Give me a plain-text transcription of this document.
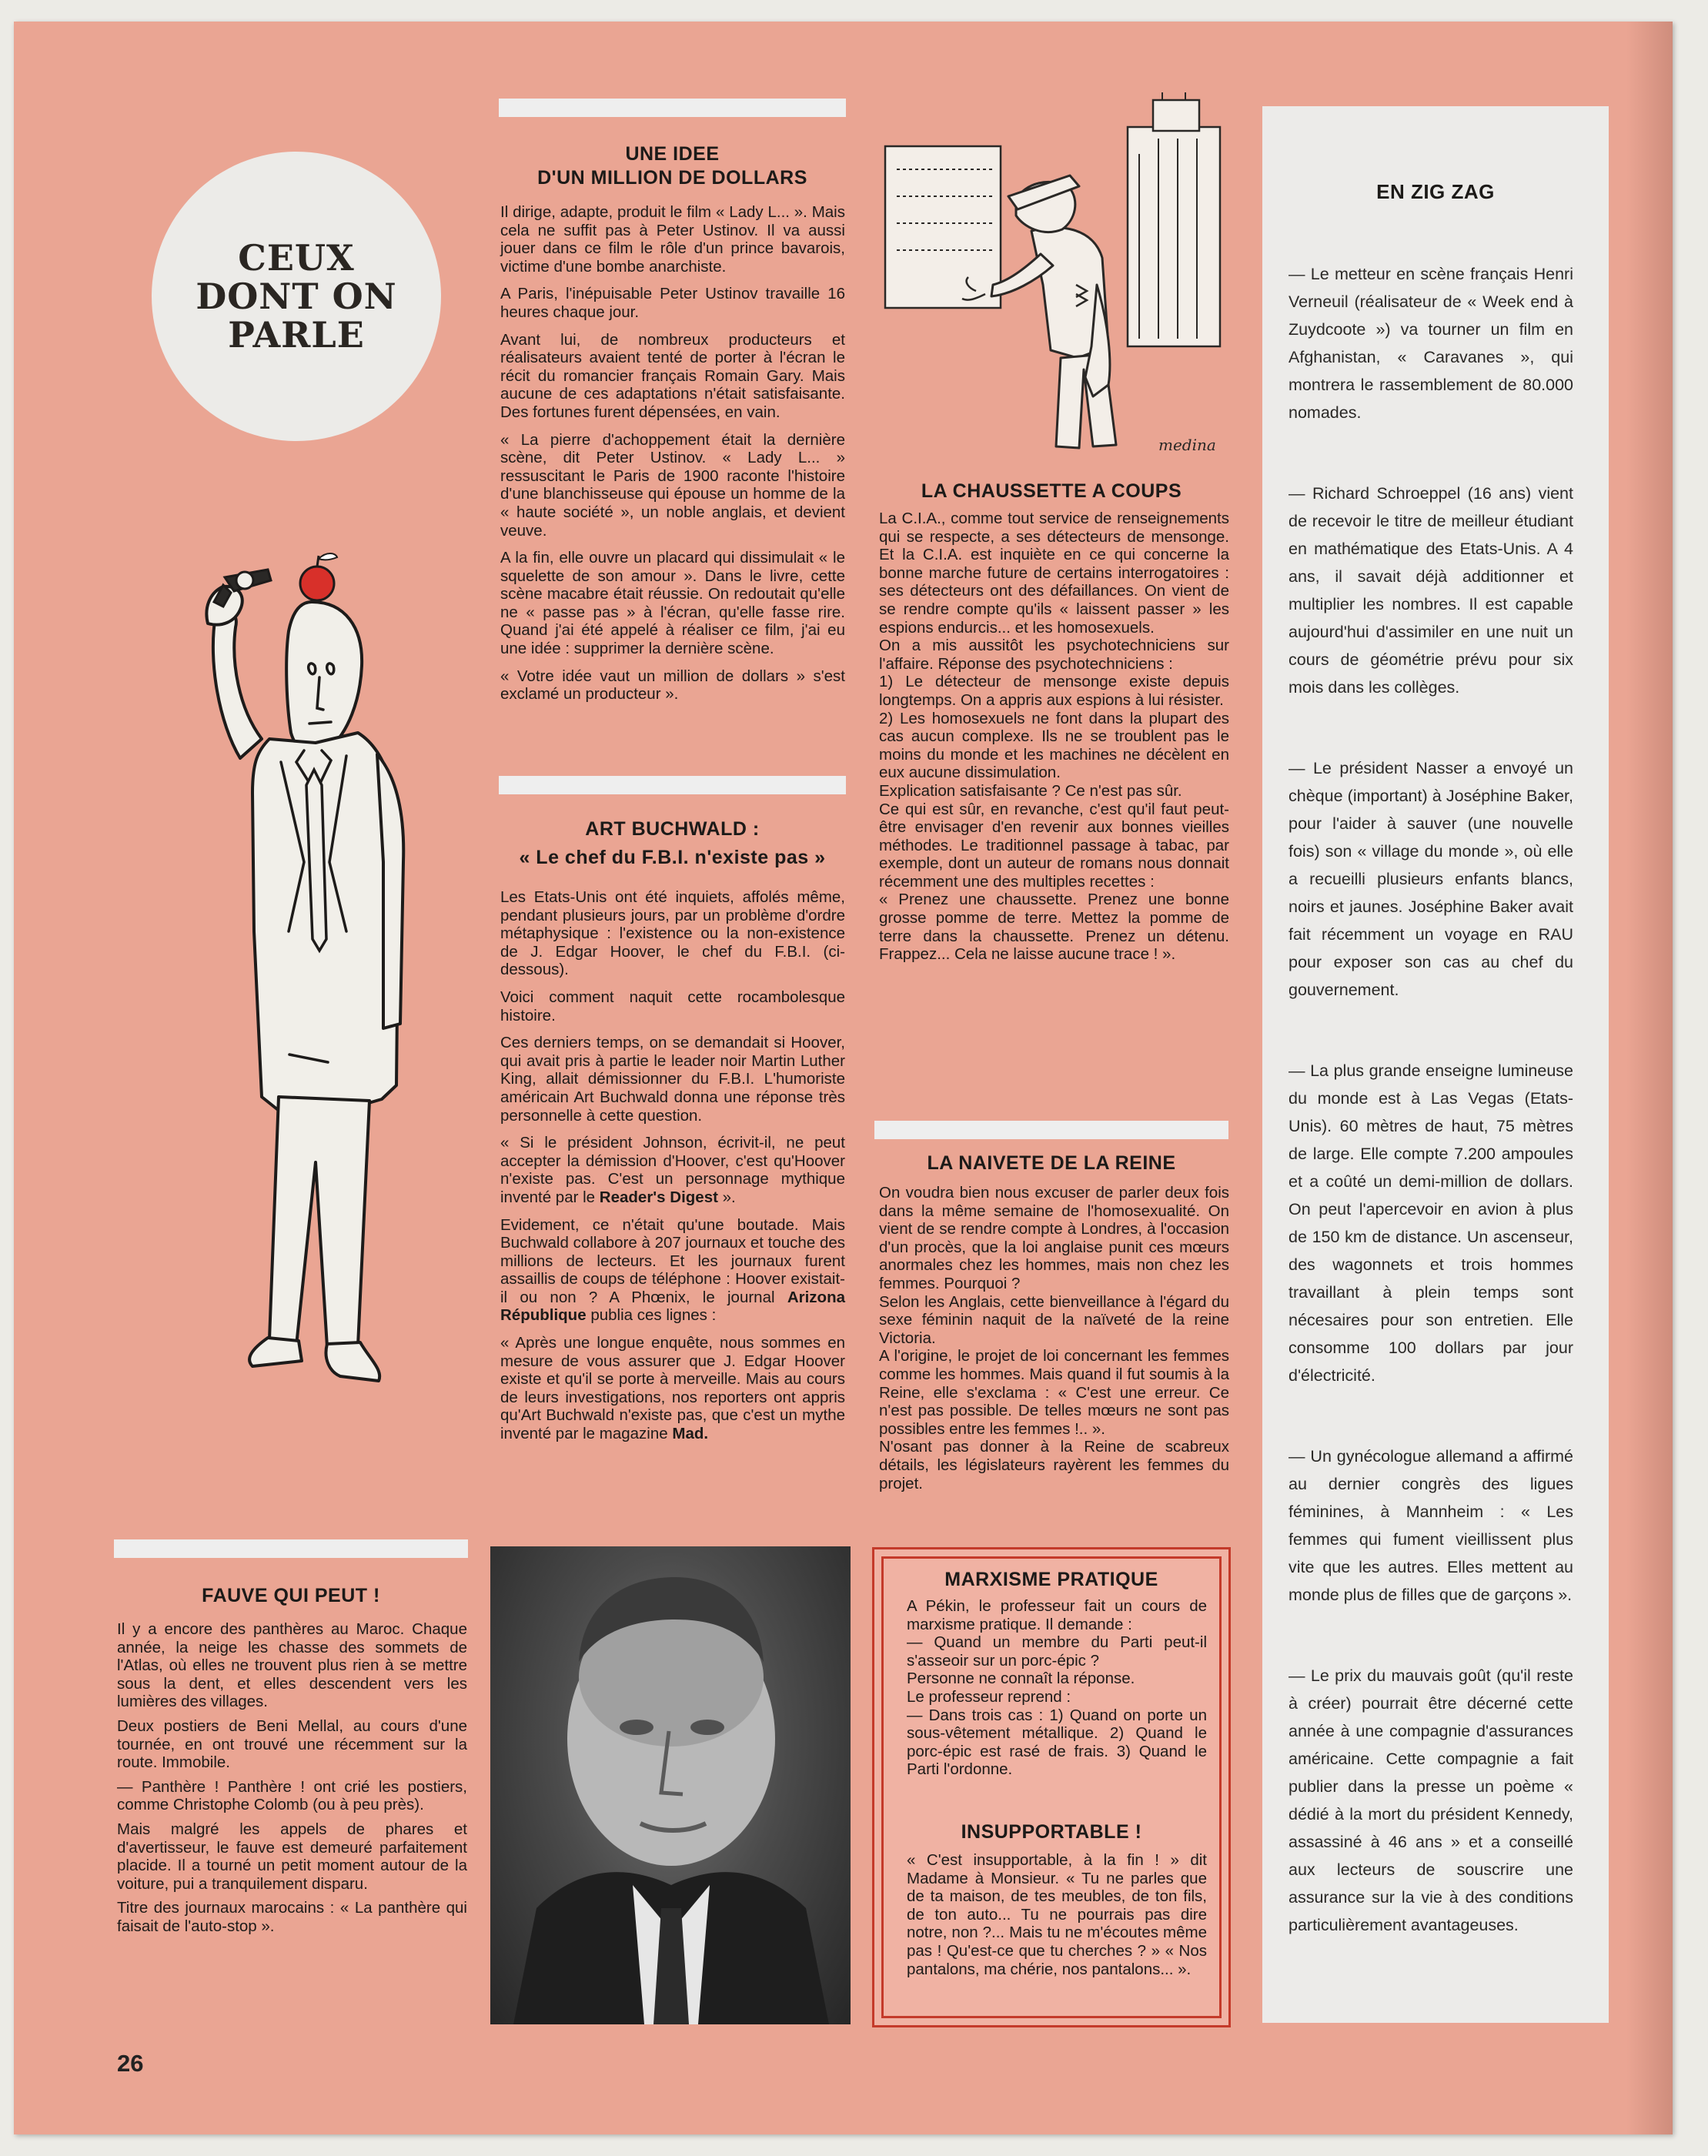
CEUX
DONT ON
PARLE
UNE IDEE
D'UN MILLION DE DOLLARS

Il dirige, adapte, produit le film « Lady L... ». Mais cela ne suffit pas à Peter Ustinov. Il va aussi jouer dans ce film le rôle d'un prince bavarois, victime d'une bombe anarchiste.

A Paris, l'inépuisable Peter Ustinov travaille 16 heures chaque jour.

Avant lui, de nombreux producteurs et réalisateurs avaient tenté de porter à l'écran le récit du romancier français Romain Gary. Mais aucune de ces adaptations n'était satisfaisante. Des fortunes furent dépensées, en vain.

« La pierre d'achoppement était la dernière scène, dit Peter Ustinov. « Lady L... » ressuscitant le Paris de 1900 raconte l'histoire d'une blanchisseuse qui épouse un homme de la « haute société », un noble anglais, et devient veuve.

A la fin, elle ouvre un placard qui dissimulait « le squelette de son amour ». Dans le livre, cette scène macabre était réussie. On redoutait qu'elle ne « passe pas » à l'écran, qu'elle fasse rire. Quand j'ai été appelé à réaliser ce film, j'ai eu une idée : supprimer la dernière scène.

« Votre idée vaut un million de dollars » s'est exclamé un producteur ».

ART BUCHWALD :
« Le chef du F.B.I. n'existe pas »

Les Etats-Unis ont été inquiets, affolés même, pendant plusieurs jours, par un problème d'ordre métaphysique : l'existence ou la non-existence de J. Edgar Hoover, le chef du F.B.I. (ci-dessous).

Voici comment naquit cette rocambolesque histoire.

Ces derniers temps, on se demandait si Hoover, qui avait pris à partie le leader noir Martin Luther King, allait démissionner du F.B.I. L'humoriste américain Art Buchwald donna une réponse très personnelle à cette question.

« Si le président Johnson, écrivit-il, ne peut accepter la démission d'Hoover, c'est qu'Hoover n'existe pas. C'est un personnage mythique inventé par le Reader's Digest ».

Evidement, ce n'était qu'une boutade. Mais Buchwald collabore à 207 journaux et touche des millions de lecteurs. Et les journaux furent assaillis de coups de téléphone : Hoover existait-il ou non ? A Phœnix, le journal Arizona République publia ces lignes :

« Après une longue enquête, nous sommes en mesure de vous assurer que J. Edgar Hoover existe et qu'il se porte à merveille. Mais au cours de leurs investigations, nos reporters ont appris qu'Art Buchwald n'existe pas, que c'est un mythe inventé par le magazine Mad.

medina
LA CHAUSSETTE A COUPS

La C.I.A., comme tout service de renseignements qui se respecte, a ses détecteurs de mensonge. Et la C.I.A. est inquiète en ce qui concerne la bonne marche future de certains interrogatoires : ses détecteurs ont des défaillances. On vient de se rendre compte qu'ils « laissent passer » les espions endurcis... et les homosexuels.

On a mis aussitôt les psychotechniciens sur l'affaire. Réponse des psychotechniciens :

1) Le détecteur de mensonge existe depuis longtemps. On a appris aux espions à lui résister.

2) Les homosexuels ne font dans la plupart des cas aucun complexe. Ils ne se troublent pas le moins du monde et les machines ne décèlent en eux aucune dissimulation.

Explication satisfaisante ? Ce n'est pas sûr.

Ce qui est sûr, en revanche, c'est qu'il faut peut-être envisager d'en revenir aux bonnes vieilles méthodes. Le traditionnel passage à tabac, par exemple, dont un auteur de romans nous donnait récemment une des multiples recettes :

« Prenez une chaussette. Prenez une bonne grosse pomme de terre. Mettez la pomme de terre dans la chaussette. Prenez un détenu. Frappez... Cela ne laisse aucune trace ! ».

LA NAIVETE DE LA REINE

On voudra bien nous excuser de parler deux fois dans la même semaine de l'homosexualité. On vient de se rendre compte à Londres, à l'occasion d'un procès, que la loi anglaise punit ces mœurs anormales chez les hommes, mais non chez les femmes. Pourquoi ?

Selon les Anglais, cette bienveillance à l'égard du sexe féminin naquit de la naïveté de la reine Victoria.

A l'origine, le projet de loi concernant les femmes comme les hommes. Mais quand il fut soumis à la Reine, elle s'exclama : « C'est une erreur. Ce n'est pas possible. De telles mœurs ne sont pas possibles entre les femmes !.. ».

N'osant pas donner à la Reine de scabreux détails, les législateurs rayèrent les femmes du projet.

EN ZIG ZAG

— Le metteur en scène français Henri Verneuil (réalisateur de « Week end à Zuydcoote ») va tourner un film en Afghanistan, « Caravanes », qui montrera le rassemblement de 80.000 nomades.

— Richard Schroeppel (16 ans) vient de recevoir le titre de meilleur étudiant en mathématique des Etats-Unis. A 4 ans, il savait déjà additionner et multiplier les nombres. Il est capable aujourd'hui d'assimiler en une nuit un cours de géométrie prévu pour six mois dans les collèges.

— Le président Nasser a envoyé un chèque (important) à Joséphine Baker, pour l'aider à sauver (une nouvelle fois) son « village du monde », où elle a recueilli plusieurs enfants blancs, noirs et jaunes. Joséphine Baker avait fait récemment un voyage en RAU pour exposer son cas au chef du gouvernement.

— La plus grande enseigne lumineuse du monde est à Las Vegas (Etats-Unis). 60 mètres de haut, 75 mètres de large. Elle compte 7.200 ampoules et a coûté un demi-million de dollars. On peut l'apercevoir en avion à plus de 150 km de distance. Un ascenseur, des wagonnets et trois hommes travaillant à plein temps sont nécesaires pour son entretien. Elle consomme 100 dollars par jour d'électricité.

— Un gynécologue allemand a affirmé au dernier congrès des ligues féminines, à Mannheim : « Les femmes qui fument vieillissent plus vite que les autres. Elles mettent au monde plus de filles que de garçons ».

— Le prix du mauvais goût (qu'il reste à créer) pourrait être décerné cette année à une compagnie d'assurances américaine. Cette compagnie a fait publier dans la presse un poème « dédié à la mort du président Kennedy, assassiné à 46 ans » et a conseillé aux lecteurs de souscrire une assurance sur la vie à des conditions particulièrement avantageuses.

FAUVE QUI PEUT !

Il y a encore des panthères au Maroc. Chaque année, la neige les chasse des sommets de l'Atlas, où elles ne trouvent plus rien à se mettre sous la dent, et elles descendent vers les lumières des villages.

Deux postiers de Beni Mellal, au cours d'une tournée, en ont trouvé une récemment sur la route. Immobile.

— Panthère ! Panthère ! ont crié les postiers, comme Christophe Colomb (ou à peu près).

Mais malgré les appels de phares et d'avertisseur, le fauve est demeuré parfaitement placide. Il a tourné un petit moment autour de la voiture, pui a tranquilement disparu.

Titre des journaux marocains : « La panthère qui faisait de l'auto-stop ».

MARXISME PRATIQUE

A Pékin, le professeur fait un cours de marxisme pratique. Il demande :

— Quand un membre du Parti peut-il s'asseoir sur un porc-épic ?

Personne ne connaît la réponse.

Le professeur reprend :

— Dans trois cas : 1) Quand on porte un sous-vêtement métallique. 2) Quand le porc-épic est rasé de frais. 3) Quand le Parti l'ordonne.

INSUPPORTABLE !

« C'est insupportable, à la fin ! » dit Madame à Monsieur. « Tu ne parles que de ta maison, de tes meubles, de ton fils, de ton auto... Tu ne pourrais pas dire notre, non ?... Mais tu ne m'écoutes même pas ! Qu'est-ce que tu cherches ? » « Nos pantalons, ma chérie, nos pantalons... ».

26
